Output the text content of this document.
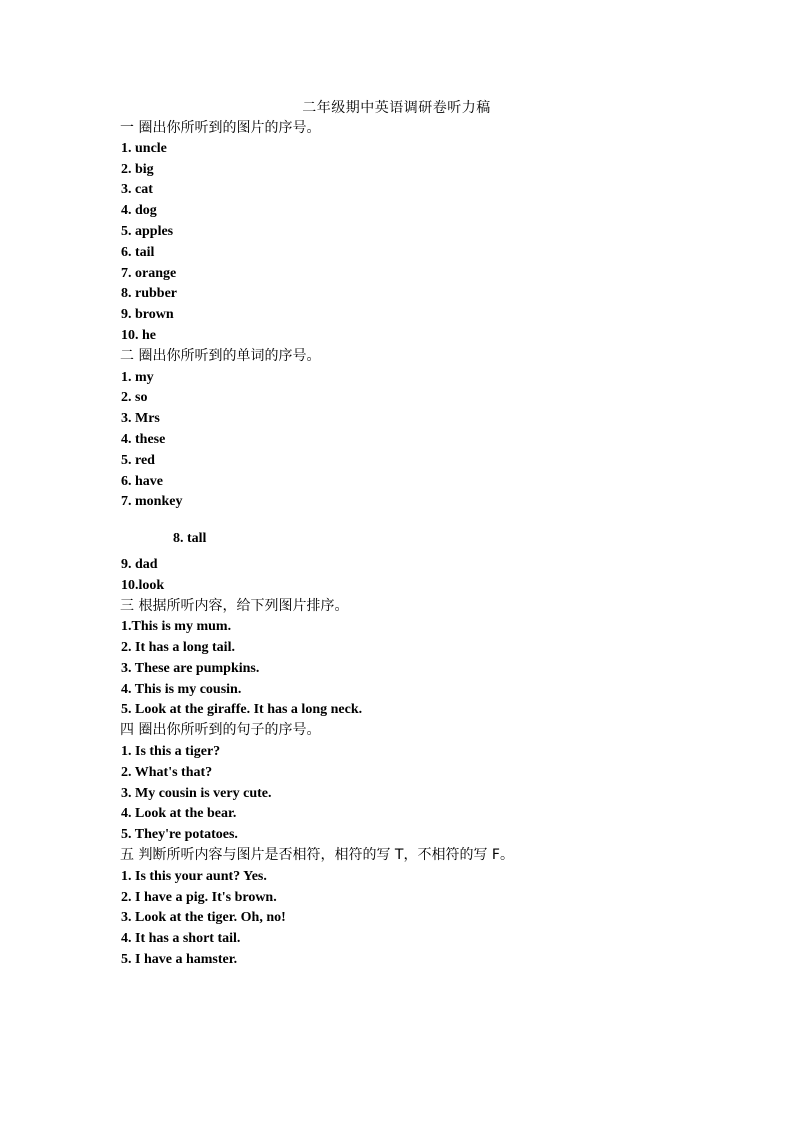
二年级期中英语调研卷听力稿
一 圈出你所听到的图片的序号。
1. uncle
2. big
3. cat
4. dog
5. apples
6. tail
7. orange
8. rubber
9. brown
10. he
二 圈出你所听到的单词的序号。
1. my
2. so
3. Mrs
4. these
5. red
6. have
7. monkey
8. tall
9. dad
10.look
三 根据所听内容，给下列图片排序。
1.This is my mum.
2. It has a long tail.
3. These are pumpkins.
4. This is my cousin.
5. Look at the giraffe. It has a long neck.
四 圈出你所听到的句子的序号。
1. Is this a tiger?
2. What's that?
3. My cousin is very cute.
4. Look at the bear.
5. They're potatoes.
五 判断所听内容与图片是否相符，相符的写 T，不相符的写 F。
1. Is this your aunt? Yes.
2. I have a pig. It's brown.
3. Look at the tiger. Oh, no!
4. It has a short tail.
5. I have a hamster.
